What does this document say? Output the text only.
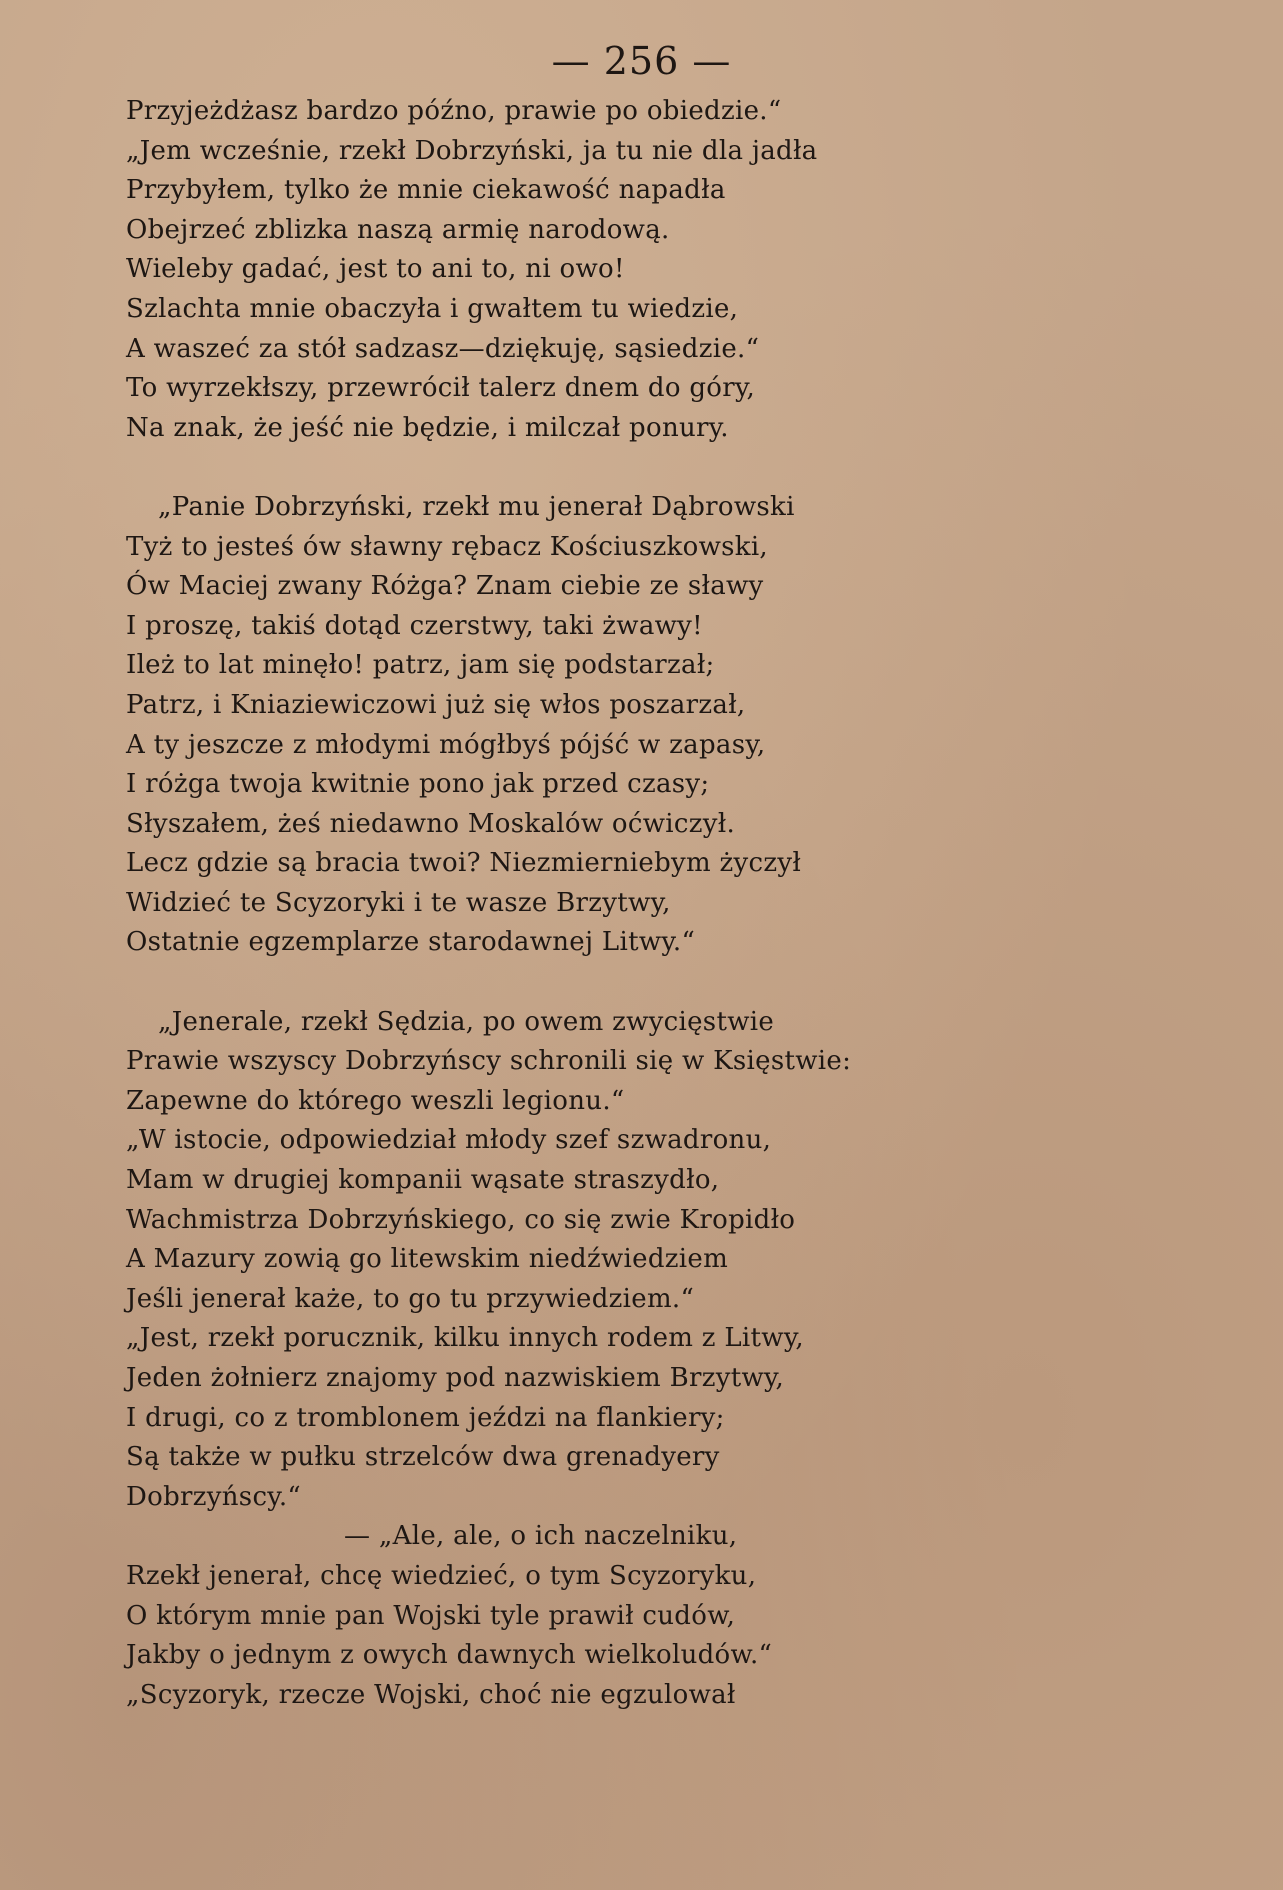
— 256 —
Przyjeżdżasz bardzo późno, prawie po obiedzie.“
„Jem wcześnie, rzekł Dobrzyński, ja tu nie dla jadła
Przybyłem, tylko że mnie ciekawość napadła
Obejrzeć zblizka naszą armię narodową.
Wieleby gadać, jest to ani to, ni owo!
Szlachta mnie obaczyła i gwałtem tu wiedzie,
A waszeć za stół sadzasz—dziękuję, sąsiedzie.“
To wyrzekłszy, przewrócił talerz dnem do góry,
Na znak, że jeść nie będzie, i milczał ponury.
„Panie Dobrzyński, rzekł mu jenerał Dąbrowski
Tyż to jesteś ów sławny rębacz Kościuszkowski,
Ów Maciej zwany Różga? Znam ciebie ze sławy
I proszę, takiś dotąd czerstwy, taki żwawy!
Ileż to lat minęło! patrz, jam się podstarzał;
Patrz, i Kniaziewiczowi już się włos poszarzał,
A ty jeszcze z młodymi mógłbyś pójść w zapasy,
I różga twoja kwitnie pono jak przed czasy;
Słyszałem, żeś niedawno Moskalów oćwiczył.
Lecz gdzie są bracia twoi? Niezmierniebym życzył
Widzieć te Scyzoryki i te wasze Brzytwy,
Ostatnie egzemplarze starodawnej Litwy.“
„Jenerale, rzekł Sędzia, po owem zwycięstwie
Prawie wszyscy Dobrzyńscy schronili się w Księstwie:
Zapewne do którego weszli legionu.“
„W istocie, odpowiedział młody szef szwadronu,
Mam w drugiej kompanii wąsate straszydło,
Wachmistrza Dobrzyńskiego, co się zwie Kropidło
A Mazury zowią go litewskim niedźwiedziem
Jeśli jenerał każe, to go tu przywiedziem.“
„Jest, rzekł porucznik, kilku innych rodem z Litwy,
Jeden żołnierz znajomy pod nazwiskiem Brzytwy,
I drugi, co z tromblonem jeździ na flankiery;
Są także w pułku strzelców dwa grenadyery
Dobrzyńscy.“
— „Ale, ale, o ich naczelniku,
Rzekł jenerał, chcę wiedzieć, o tym Scyzoryku,
O którym mnie pan Wojski tyle prawił cudów,
Jakby o jednym z owych dawnych wielkoludów.“
„Scyzoryk, rzecze Wojski, choć nie egzulował
